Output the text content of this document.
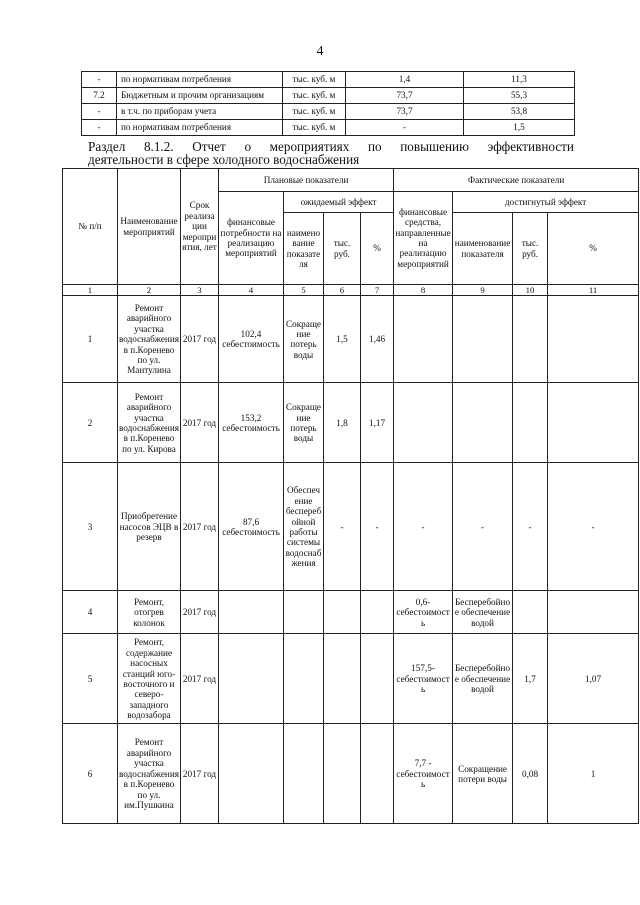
4
-	по нормативам потребления	тыс. куб. м	1,4	11,3
7.2	Бюджетным и прочим организациям	тыс. куб. м	73,7	55,3
-	в т.ч. по приборам учета	тыс. куб. м	73,7	53,8
-	по нормативам потребления	тыс. куб. м	-	1,5
Раздел 8.1.2. Отчет о мероприятиях по повышению эффективности
деятельности в сфере холодного водоснабжения
№ п/п	Наименование мероприятий	Срок реализации мероприятия, лет	Плановые показатели				Фактические показатели			
			финансовые потребности на реализацию мероприятий	ожидаемый эффект			финансовые средства, направленные на реализацию мероприятий	достигнутый эффект		
				наименование показателя	тыс. руб.	%		наименование показателя	тыс. руб.	%
1	2	3	4	5	6	7	8	9	10	11
1	Ремонт аварийного участка водоснабжения в п.Коренево по ул. Мантулина	2017 год	102,4 себестоимость	Сокращение потерь воды	1,5	1,46				
2	Ремонт аварийного участка водоснабжения в п.Коренево по ул. Кирова	2017 год	153,2 себестоимость	Сокращение потерь воды	1,8	1,17				
3	Приобретение насосов ЭЦВ в резерв	2017 год	87,6 себестоимость	Обеспечение бесперебойной работы системы водоснабжения	-	-	-	-	-	-
4	Ремонт, отогрев колонок	2017 год					0,6-себестоимость	Бесперебойное обеспечение водой		
5	Ремонт, содержание насосных станций юго-восточного и северо-западного водозабора	2017 год					157,5-себестоимость	Бесперебойное обеспечение водой	1,7	1,07
6	Ремонт аварийного участка водоснабжения в п.Коренево по ул. им.Пушкина	2017 год					7,7 - себестоимость	Сокращение потери воды	0,08	1
